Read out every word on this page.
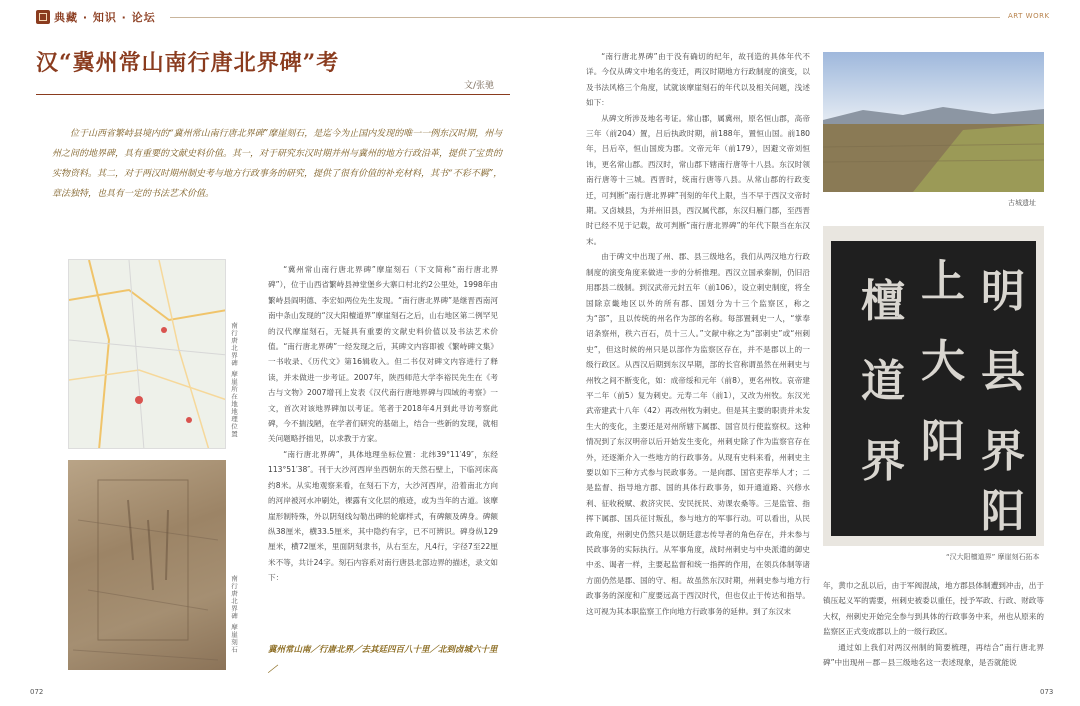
典藏 · 知识 · 论坛	ART WORK
汉“冀州常山南行唐北界碑”考
文/张驰
位于山西省繁峙县境内的“冀州常山南行唐北界碑”摩崖刻石，是迄今为止国内发现的唯一一例东汉时期，州与州之间的地界碑，具有重要的文献史料价值。其一，对于研究东汉时期并州与冀州的地方行政沿革，提供了宝贵的实物资料。其二，对于两汉时期州制史考与地方行政事务的研究，提供了很有价值的补充材料，其书“不彩不羁”，章法独特，也具有一定的书法艺术价值。
南行唐北界碑 摩崖所在地地理位置
南行唐北界碑 摩崖刻石

“冀州常山南行唐北界碑”摩崖刻石（下文简称“南行唐北界碑”），位于山西省繁峙县神堂堡乡大寨口村北约2公里处，1998年由繁峙县阎明德、李宏如两位先生发现。“南行唐北界碑”是继晋西南河南中条山发现的“汉大阳檀道界”摩崖刻石之后，山右地区第二例罕见的汉代摩崖刻石，无疑具有重要的文献史料价值以及书法艺术价值。“南行唐北界碑”一经发现之后，其碑文内容即被《繁峙碑文集》一书收录、《历代文》第16辑收入。但二书仅对碑文内容进行了释读，并未做进一步考证。2007年，陕西师范大学李裕民先生在《考古与文物》2007增刊上发表《汉代南行唐地界碑与四域的考察》一文，首次对该地界碑加以考证。笔者于2018年4月到此寻访考察此碑，今不揣浅陋，在学者们研究的基础上，结合一些新的发现，就相关问题略抒拙见，以求教于方家。

“南行唐北界碑”，具体地理坐标位置：北纬39°11′49″，东经113°51′38″。刊于大沙河西岸坐西朝东的天然石壁上，下临河床高约8米。从实地观察来看，在刻石下方，大沙河西岸，沿着南北方向的河岸被河水冲刷处，裸露有文化层的痕迹，或为当年的古道。该摩崖形制特殊，外以阴刻线勾勒出碑的轮廓样式，有碑额及碑身。碑额纵38厘米，横33.5厘米，其中隐约有字，已不可辨识。碑身纵129厘米，横72厘米，里面阴刻隶书，从右至左，凡4行，字径7至22厘米不等，共计24字。刻石内容系对南行唐县北部边界的描述，录文如下：

冀州常山南／行唐北界／去其廷四百八十里／北到卤城六十里／

“南行唐北界碑”由于没有确切的纪年，故刊造的具体年代不详。今仅从碑文中地名的变迁，两汉时期地方行政制度的演变，以及书法风格三个角度，试就该摩崖刻石的年代以及相关问题，浅述如下：

从碑文所涉及地名考证。常山郡，属冀州，原名恒山郡，高帝三年（前204）置，吕后执政时期，前188年，置恒山国。前180年，吕后卒，恒山国废为郡。文帝元年（前179），因避文帝刘恒讳，更名常山郡。西汉时，常山郡下辖南行唐等十八县。东汉时领南行唐等十三城。西晋时，统南行唐等八县。从常山郡的行政变迁，可判断“南行唐北界碑”刊刻的年代上限，当不早于西汉文帝时期。又卤城县，为并州旧县，西汉属代郡，东汉归雁门郡，至西晋时已经不见于记载，故可判断“南行唐北界碑”的年代下限当在东汉末。

由于碑文中出现了州、郡、县三级地名，我们从两汉地方行政制度的演变角度来做进一步的分析推理。西汉立国承秦制，仍旧沿用郡县二级制。到汉武帝元封五年（前106），设立刺史制度，将全国除京畿地区以外的所有郡、国划分为十三个监察区，称之为“部”，且以传统的州名作为部的名称。每部置刺史一人，“掌奉诏条察州，秩六百石，员十三人。”文献中称之为“部刺史”或“州刺史”，但这时候的州只是以部作为监察区存在，并不是郡以上的一级行政区。从西汉后期到东汉早期，部的长官称谓虽然在州刺史与州牧之间不断变化，如：成帝绥和元年（前8），更名州牧。哀帝建平二年（前5）复为刺史。元寿二年（前1），又改为州牧。东汉光武帝建武十八年（42）再改州牧为刺史。但是其主要的职责并未发生大的变化，主要还是对州所辖下属郡、国官员行使监察权。这种情况到了东汉明帝以后开始发生变化，州刺史除了作为监察官存在外，还逐渐介入一些地方的行政事务。从现有史料来看，州刺史主要以如下三种方式参与民政事务。一是向郡、国官吏荐举人才；二是监督、指导地方郡、国的具体行政事务，如开通道路、兴修水利、征收税赋、救济灾民、安民抚民、劝课农桑等。三是监管、指挥下属郡、国兵征讨叛乱，参与地方的军事行动。可以看出，从民政角度，州刺史仍然只是以朝廷意志传导者的角色存在，并未参与民政事务的实际执行。从军事角度，战时州刺史与中央派遣的御史中丞、谒者一样，主要起监督和统一指挥的作用，在领兵体制等诸方面仍然是郡、国的守、相。故虽然东汉时期，州刺史参与地方行政事务的深度和广度要远高于西汉时代，但也仅止于传达和指导。这可视为其本职监察工作向地方行政事务的延伸。到了东汉末

古城遗址
明
县
界
上
大
阳
檀
道
界
阳
“汉大阳檀道界” 摩崖刻石拓本

年，黄巾之乱以后，由于军阀混战，地方郡县体制遭到冲击，出于镇压起义军的需要，州刺史被委以重任，授予军政、行政、财政等大权，州刺史开始完全参与到具体的行政事务中来，州也从原来的监察区正式变成郡以上的一级行政区。

通过如上我们对两汉州制的简要梳理，再结合“南行唐北界碑”中出现州－郡－县三级地名这一表述现象，是否就能说

072	073
